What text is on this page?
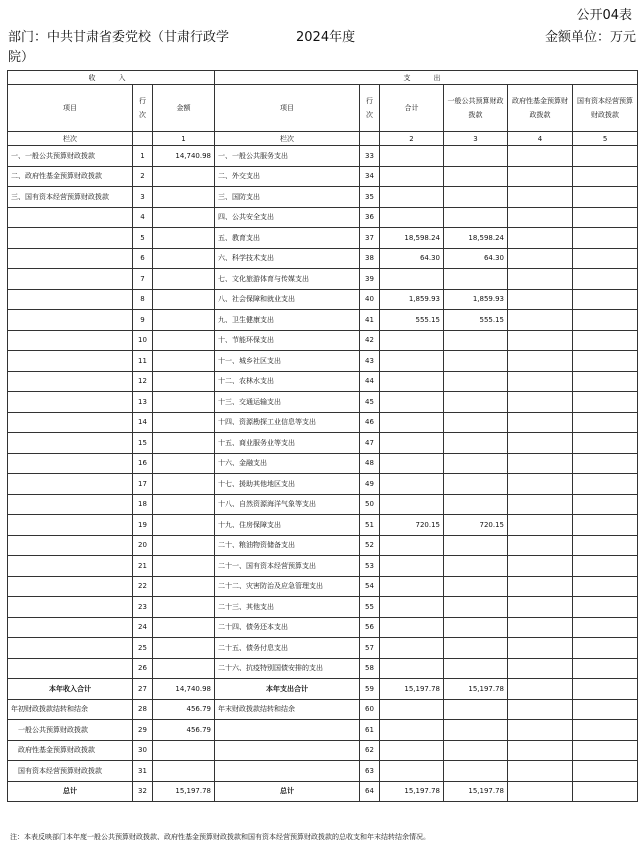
公开04表
部门：中共甘肃省委党校（甘肃行政学院）
2024年度	金额单位：万元
收　入			支　出					
项目	行次	金额	项目	行次	合计	一般公共预算财政拨款	政府性基金预算财政拨款	国有资本经营预算财政拨款
栏次		1	栏次		2	3	4	5
一、一般公共预算财政拨款	1	14,740.98	一、一般公共服务支出	33				
二、政府性基金预算财政拨款	2		二、外交支出	34				
三、国有资本经营预算财政拨款	3		三、国防支出	35				
	4		四、公共安全支出	36				
	5		五、教育支出	37	18,598.24	18,598.24		
	6		六、科学技术支出	38	64.30	64.30		
	7		七、文化旅游体育与传媒支出	39				
	8		八、社会保障和就业支出	40	1,859.93	1,859.93		
	9		九、卫生健康支出	41	555.15	555.15		
	10		十、节能环保支出	42				
	11		十一、城乡社区支出	43				
	12		十二、农林水支出	44				
	13		十三、交通运输支出	45				
	14		十四、资源勘探工业信息等支出	46				
	15		十五、商业服务业等支出	47				
	16		十六、金融支出	48				
	17		十七、援助其他地区支出	49				
	18		十八、自然资源海洋气象等支出	50				
	19		十九、住房保障支出	51	720.15	720.15		
	20		二十、粮油物资储备支出	52				
	21		二十一、国有资本经营预算支出	53				
	22		二十二、灾害防治及应急管理支出	54				
	23		二十三、其他支出	55				
	24		二十四、债务还本支出	56				
	25		二十五、债务付息支出	57				
	26		二十六、抗疫特别国债安排的支出	58				
本年收入合计	27	14,740.98	本年支出合计	59	15,197.78	15,197.78		
年初财政拨款结转和结余	28	456.79	年末财政拨款结转和结余	60				
一般公共预算财政拨款	29	456.79		61				
政府性基金预算财政拨款	30			62				
国有资本经营预算财政拨款	31			63				
总计	32	15,197.78	总计	64	15,197.78	15,197.78		
注：本表反映部门本年度一般公共预算财政拨款、政府性基金预算财政拨款和国有资本经营预算财政拨款的总收支和年末结转结余情况。
